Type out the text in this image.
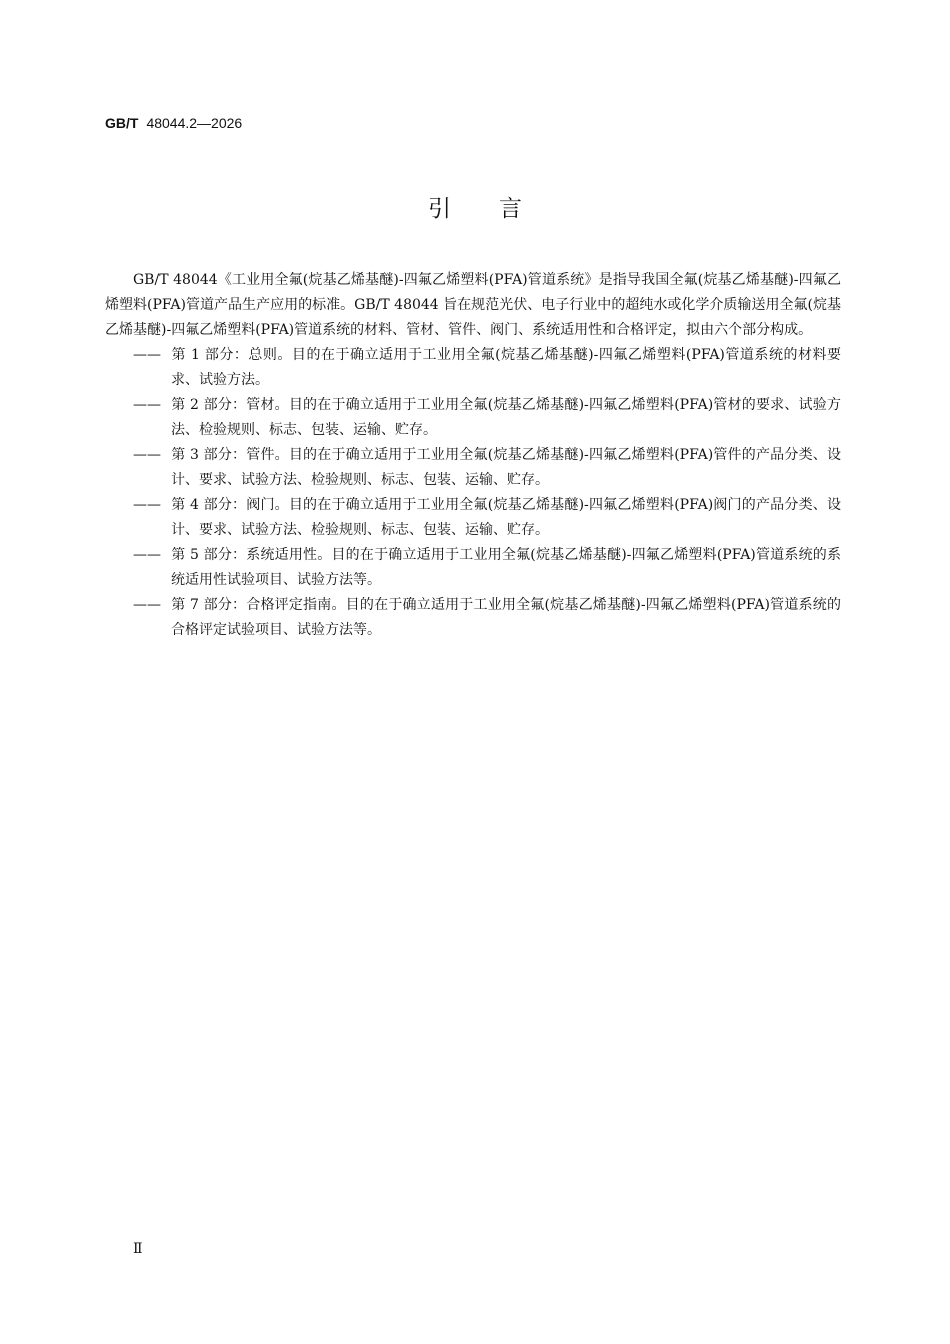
GB/T 48044.2—2026
引言

GB/T 48044《工业用全氟(烷基乙烯基醚)-四氟乙烯塑料(PFA)管道系统》是指导我国全氟(烷基乙烯基醚)-四氟乙烯塑料(PFA)管道产品生产应用的标准。GB/T 48044 旨在规范光伏、电子行业中的超纯水或化学介质输送用全氟(烷基乙烯基醚)-四氟乙烯塑料(PFA)管道系统的材料、管材、管件、阀门、系统适用性和合格评定，拟由六个部分构成。

—— 第 1 部分：总则。目的在于确立适用于工业用全氟(烷基乙烯基醚)-四氟乙烯塑料(PFA)管道系统的材料要求、试验方法。

—— 第 2 部分：管材。目的在于确立适用于工业用全氟(烷基乙烯基醚)-四氟乙烯塑料(PFA)管材的要求、试验方法、检验规则、标志、包装、运输、贮存。

—— 第 3 部分：管件。目的在于确立适用于工业用全氟(烷基乙烯基醚)-四氟乙烯塑料(PFA)管件的产品分类、设计、要求、试验方法、检验规则、标志、包装、运输、贮存。

—— 第 4 部分：阀门。目的在于确立适用于工业用全氟(烷基乙烯基醚)-四氟乙烯塑料(PFA)阀门的产品分类、设计、要求、试验方法、检验规则、标志、包装、运输、贮存。

—— 第 5 部分：系统适用性。目的在于确立适用于工业用全氟(烷基乙烯基醚)-四氟乙烯塑料(PFA)管道系统的系统适用性试验项目、试验方法等。

—— 第 7 部分：合格评定指南。目的在于确立适用于工业用全氟(烷基乙烯基醚)-四氟乙烯塑料(PFA)管道系统的合格评定试验项目、试验方法等。

Ⅱ
